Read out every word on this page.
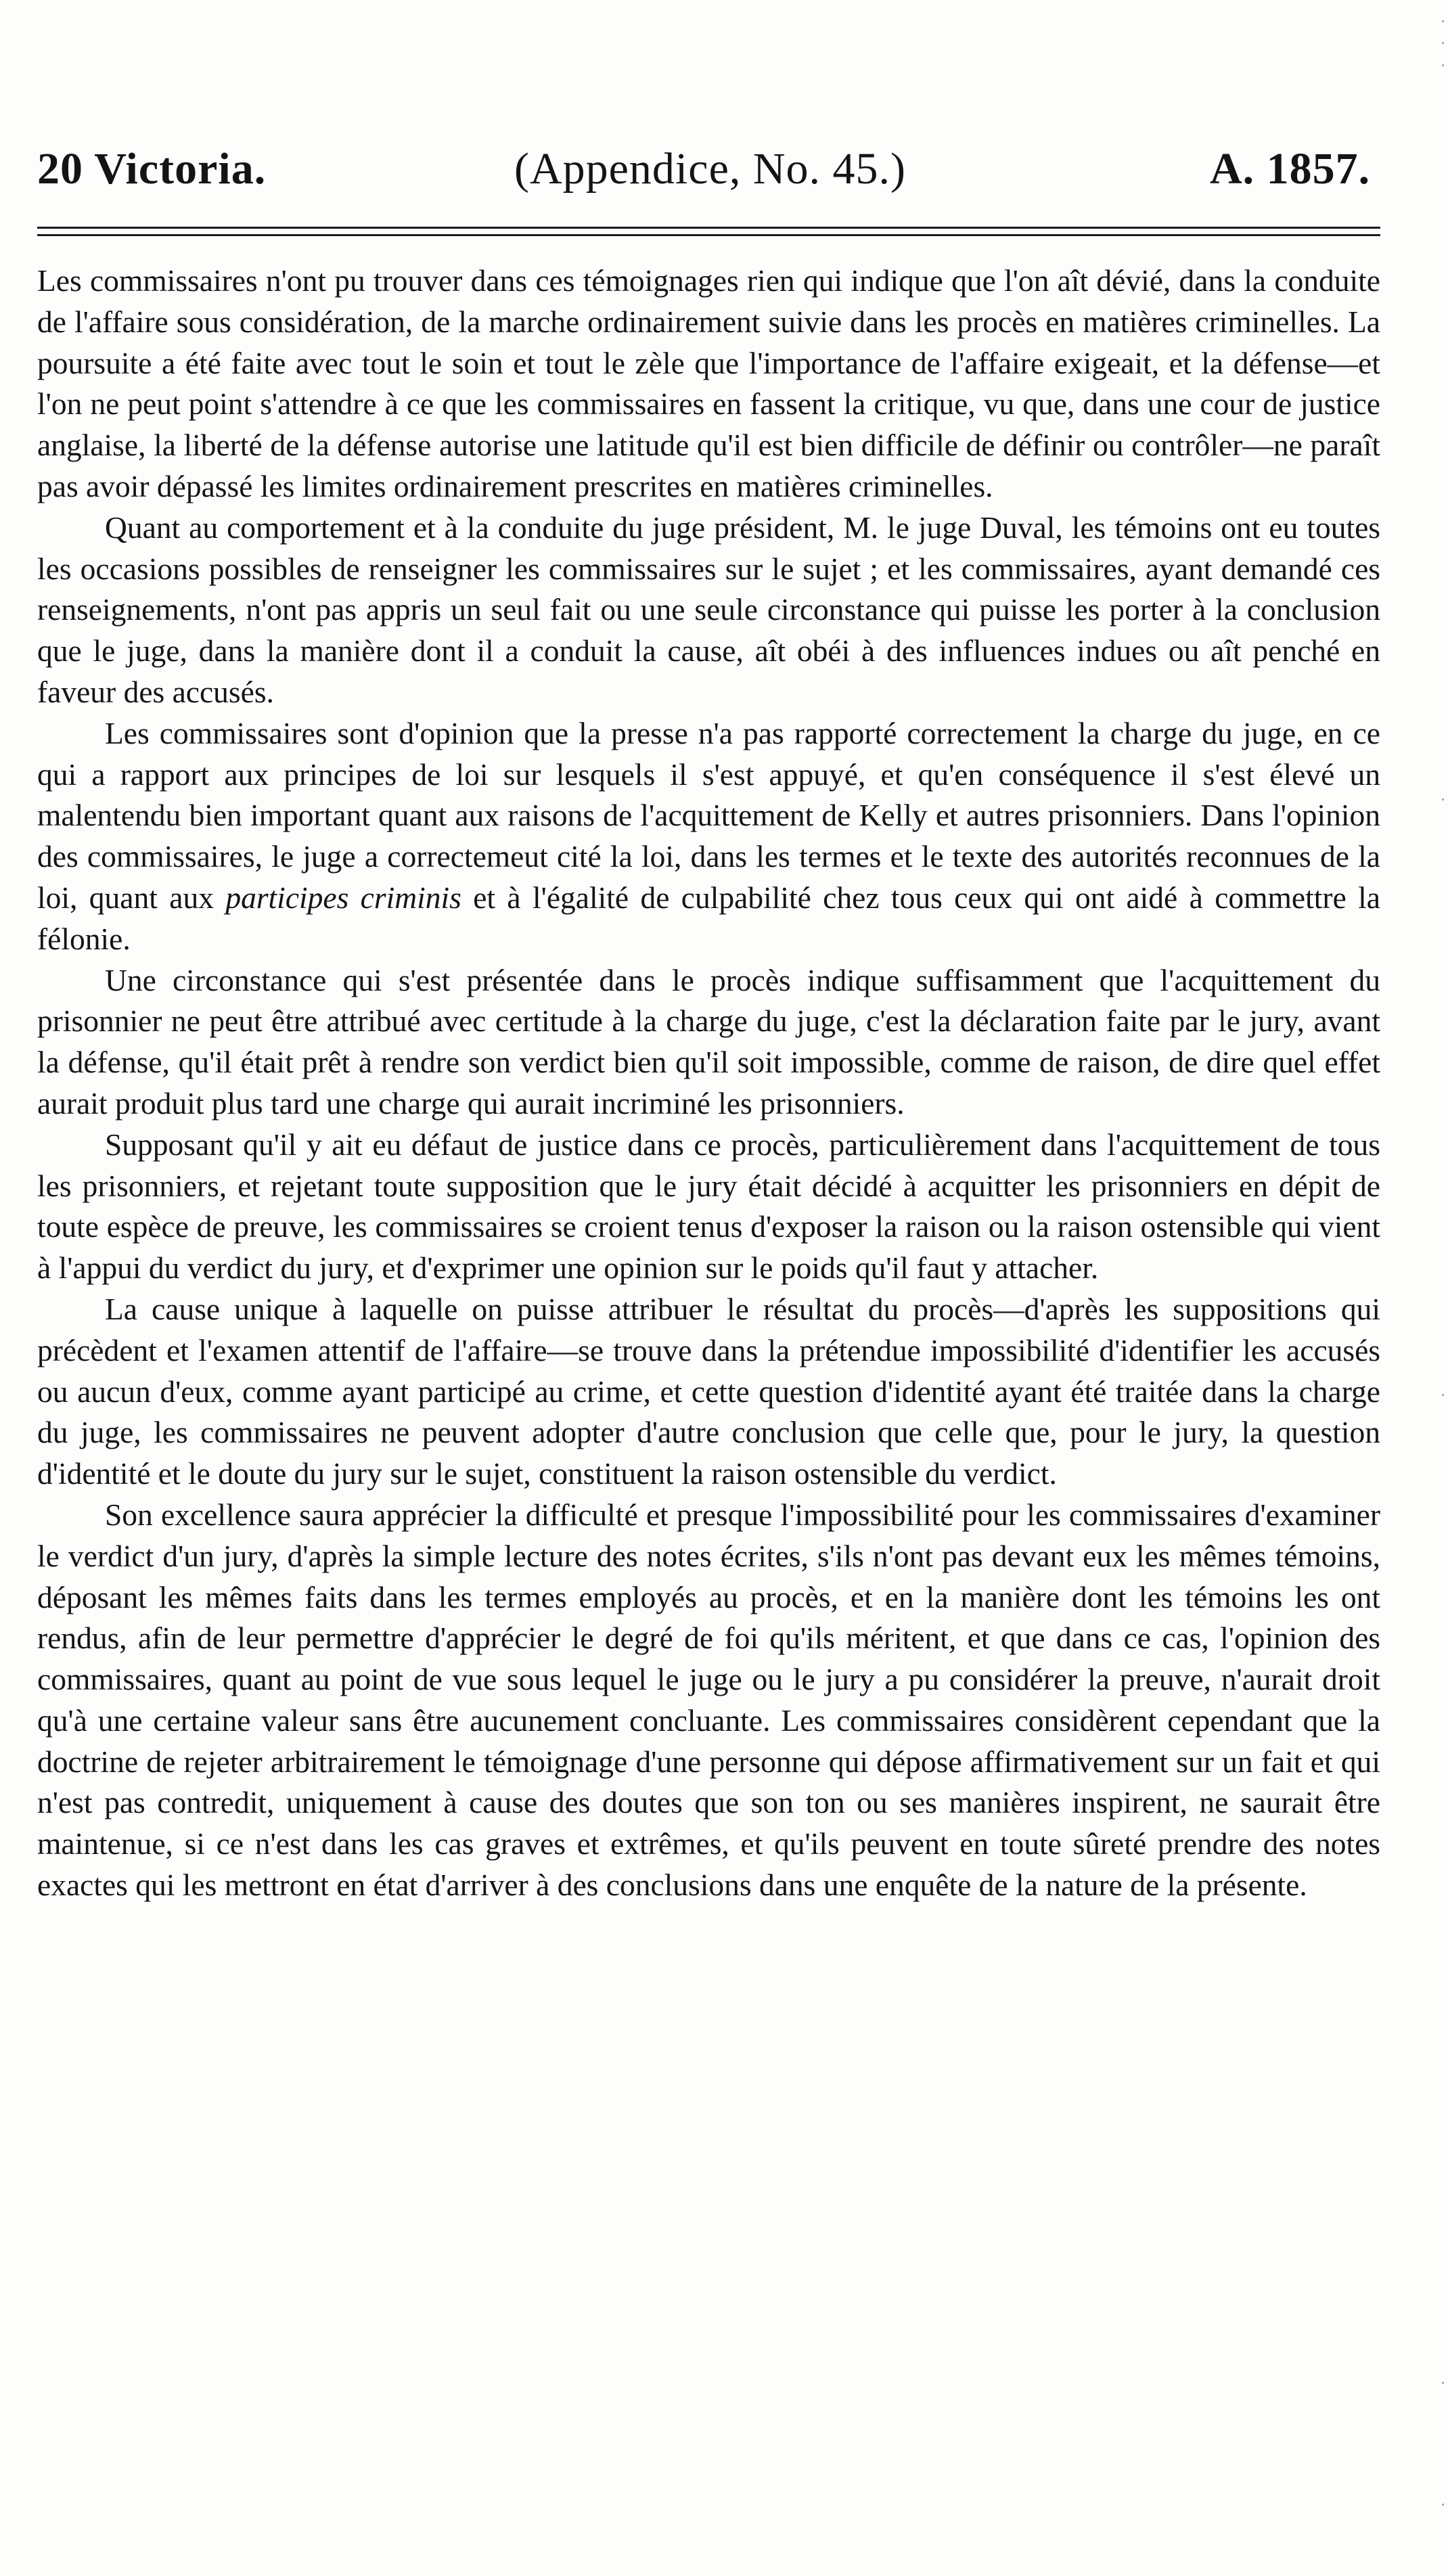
20 Victoria.	(Appendice, No. 45.)	A. 1857.

Les commissaires n'ont pu trouver dans ces témoignages rien qui indique que l'on aît dévié, dans la conduite de l'affaire sous considération, de la marche ordinairement suivie dans les procès en matières criminelles. La poursuite a été faite avec tout le soin et tout le zèle que l'importance de l'affaire exigeait, et la défense—et l'on ne peut point s'attendre à ce que les commissaires en fassent la critique, vu que, dans une cour de justice anglaise, la liberté de la défense autorise une latitude qu'il est bien difficile de définir ou contrôler—ne paraît pas avoir dépassé les limites ordinairement prescrites en matières criminelles.

Quant au comportement et à la conduite du juge président, M. le juge Duval, les témoins ont eu toutes les occasions possibles de renseigner les commissaires sur le sujet ; et les commissaires, ayant demandé ces renseignements, n'ont pas appris un seul fait ou une seule circonstance qui puisse les porter à la conclusion que le juge, dans la manière dont il a conduit la cause, aît obéi à des influences indues ou aît penché en faveur des accusés.

Les commissaires sont d'opinion que la presse n'a pas rapporté correctement la charge du juge, en ce qui a rapport aux principes de loi sur lesquels il s'est appuyé, et qu'en conséquence il s'est élevé un malentendu bien important quant aux raisons de l'acquittement de Kelly et autres prisonniers. Dans l'opinion des commissaires, le juge a correctemeut cité la loi, dans les termes et le texte des autorités reconnues de la loi, quant aux participes criminis et à l'égalité de culpabilité chez tous ceux qui ont aidé à commettre la félonie.

Une circonstance qui s'est présentée dans le procès indique suffisamment que l'acquittement du prisonnier ne peut être attribué avec certitude à la charge du juge, c'est la déclaration faite par le jury, avant la défense, qu'il était prêt à rendre son verdict bien qu'il soit impossible, comme de raison, de dire quel effet aurait produit plus tard une charge qui aurait incriminé les prisonniers.

Supposant qu'il y ait eu défaut de justice dans ce procès, particulièrement dans l'acquittement de tous les prisonniers, et rejetant toute supposition que le jury était décidé à acquitter les prisonniers en dépit de toute espèce de preuve, les commissaires se croient tenus d'exposer la raison ou la raison ostensible qui vient à l'appui du verdict du jury, et d'exprimer une opinion sur le poids qu'il faut y attacher.

La cause unique à laquelle on puisse attribuer le résultat du procès—d'après les suppositions qui précèdent et l'examen attentif de l'affaire—se trouve dans la prétendue impossibilité d'identifier les accusés ou aucun d'eux, comme ayant participé au crime, et cette question d'identité ayant été traitée dans la charge du juge, les commissaires ne peuvent adopter d'autre conclusion que celle que, pour le jury, la question d'identité et le doute du jury sur le sujet, constituent la raison ostensible du verdict.

Son excellence saura apprécier la difficulté et presque l'impossibilité pour les commissaires d'examiner le verdict d'un jury, d'après la simple lecture des notes écrites, s'ils n'ont pas devant eux les mêmes témoins, déposant les mêmes faits dans les termes employés au procès, et en la manière dont les témoins les ont rendus, afin de leur permettre d'apprécier le degré de foi qu'ils méritent, et que dans ce cas, l'opinion des commissaires, quant au point de vue sous lequel le juge ou le jury a pu considérer la preuve, n'aurait droit qu'à une certaine valeur sans être aucunement concluante. Les commissaires considèrent cependant que la doctrine de rejeter arbitrairement le témoignage d'une personne qui dépose affirmativement sur un fait et qui n'est pas contredit, uniquement à cause des doutes que son ton ou ses manières inspirent, ne saurait être maintenue, si ce n'est dans les cas graves et extrêmes, et qu'ils peuvent en toute sûreté prendre des notes exactes qui les mettront en état d'arriver à des conclusions dans une enquête de la nature de la présente.
